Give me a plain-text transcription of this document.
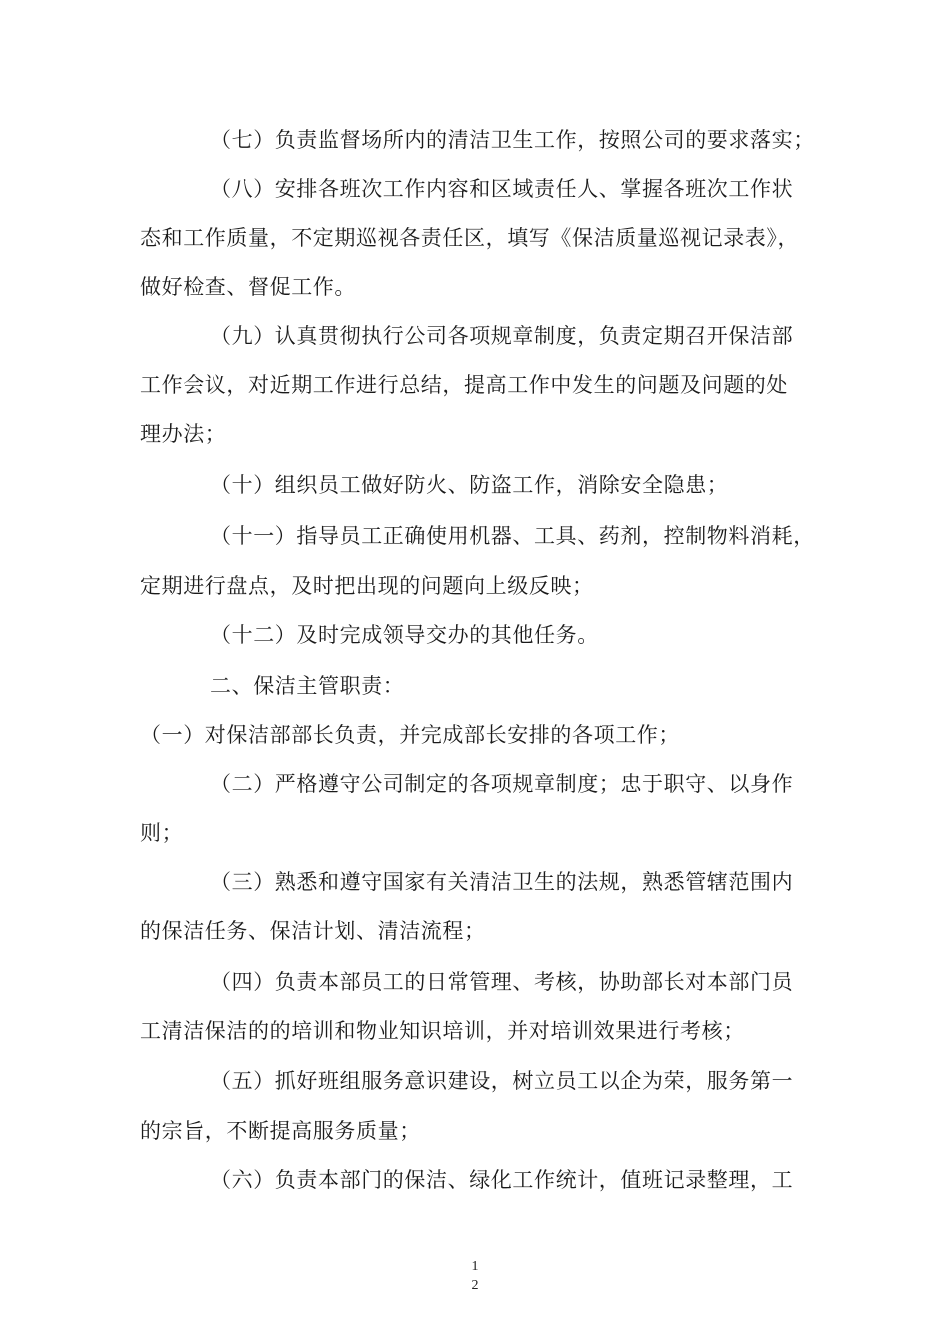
（七）负责监督场所内的清洁卫生工作，按照公司的要求落实；
（八）安排各班次工作内容和区域责任人、掌握各班次工作状
态和工作质量，不定期巡视各责任区，填写《保洁质量巡视记录表》，
做好检查、督促工作。
（九）认真贯彻执行公司各项规章制度，负责定期召开保洁部
工作会议，对近期工作进行总结，提高工作中发生的问题及问题的处
理办法；
（十）组织员工做好防火、防盗工作，消除安全隐患；
（十一）指导员工正确使用机器、工具、药剂，控制物料消耗，
定期进行盘点，及时把出现的问题向上级反映；
（十二）及时完成领导交办的其他任务。
二、保洁主管职责：
（一）对保洁部部长负责，并完成部长安排的各项工作；
（二）严格遵守公司制定的各项规章制度；忠于职守、以身作
则；
（三）熟悉和遵守国家有关清洁卫生的法规，熟悉管辖范围内
的保洁任务、保洁计划、清洁流程；
（四）负责本部员工的日常管理、考核，协助部长对本部门员
工清洁保洁的的培训和物业知识培训，并对培训效果进行考核；
（五）抓好班组服务意识建设，树立员工以企为荣，服务第一
的宗旨，不断提高服务质量；
（六）负责本部门的保洁、绿化工作统计，值班记录整理，工
1
2
